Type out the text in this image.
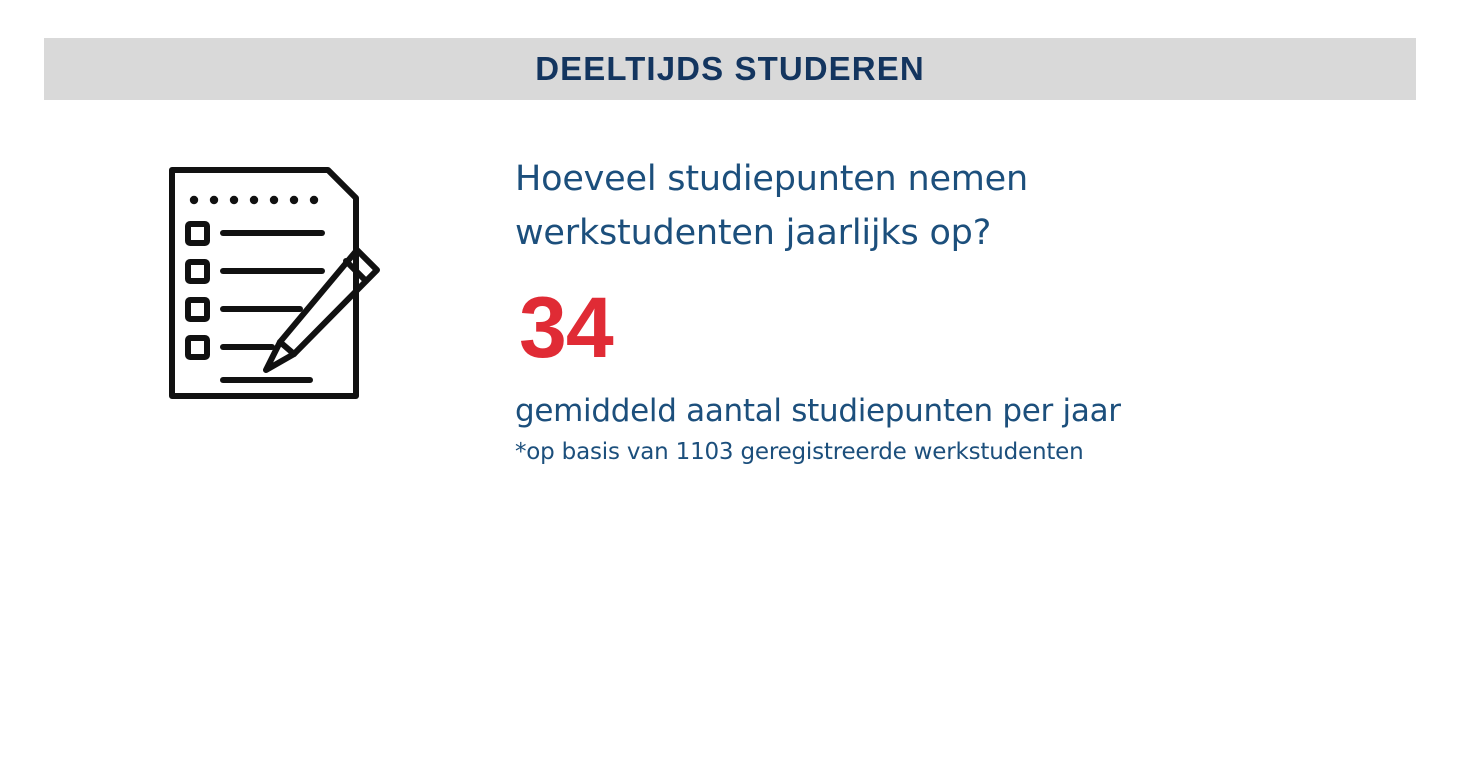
DEELTIJDS STUDEREN
Hoeveel studiepunten nemen werkstudenten jaarlijks op?
34
gemiddeld aantal studiepunten per jaar
*op basis van 1103 geregistreerde werkstudenten
